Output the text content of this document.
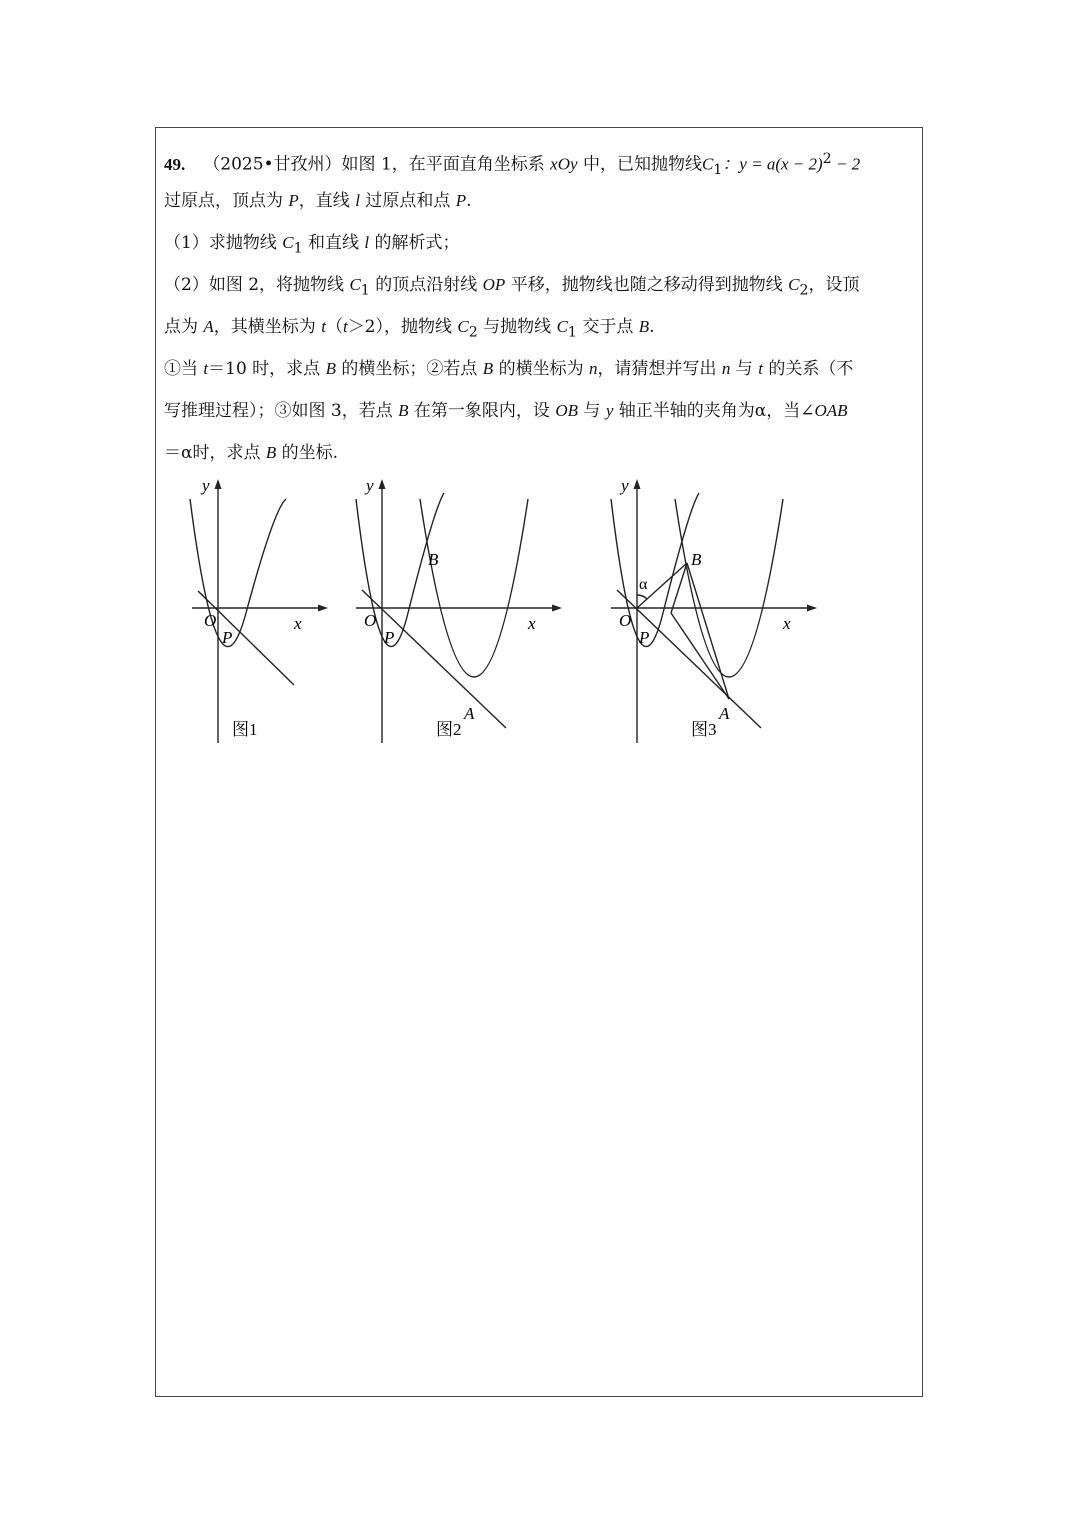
49. （2025•甘孜州）如图 1，在平面直角坐标系 xOy 中，已知抛物线$C_1$：$y = a(x - 2)^2 - 2$
过原点，顶点为 P，直线 l 过原点和点 P.
（1）求抛物线 $C_1$ 和直线 l 的解析式；
（2）如图 2，将抛物线 $C_1$ 的顶点沿射线 OP 平移，抛物线也随之移动得到抛物线 $C_2$，设顶
点为 A，其横坐标为 t（t＞2），抛物线 $C_2$ 与抛物线 $C_1$ 交于点 B.
①当 t＝10 时，求点 B 的横坐标；②若点 B 的横坐标为 n，请猜想并写出 n 与 t 的关系（不
写推理过程）；③如图 3，若点 B 在第一象限内，设 OB 与 y 轴正半轴的夹角为α，当∠OAB
＝α时，求点 B 的坐标.
y
x
O
P
图1
y
x
O
P
B
A
图2
y
x
O
P
B
A
α
图3
